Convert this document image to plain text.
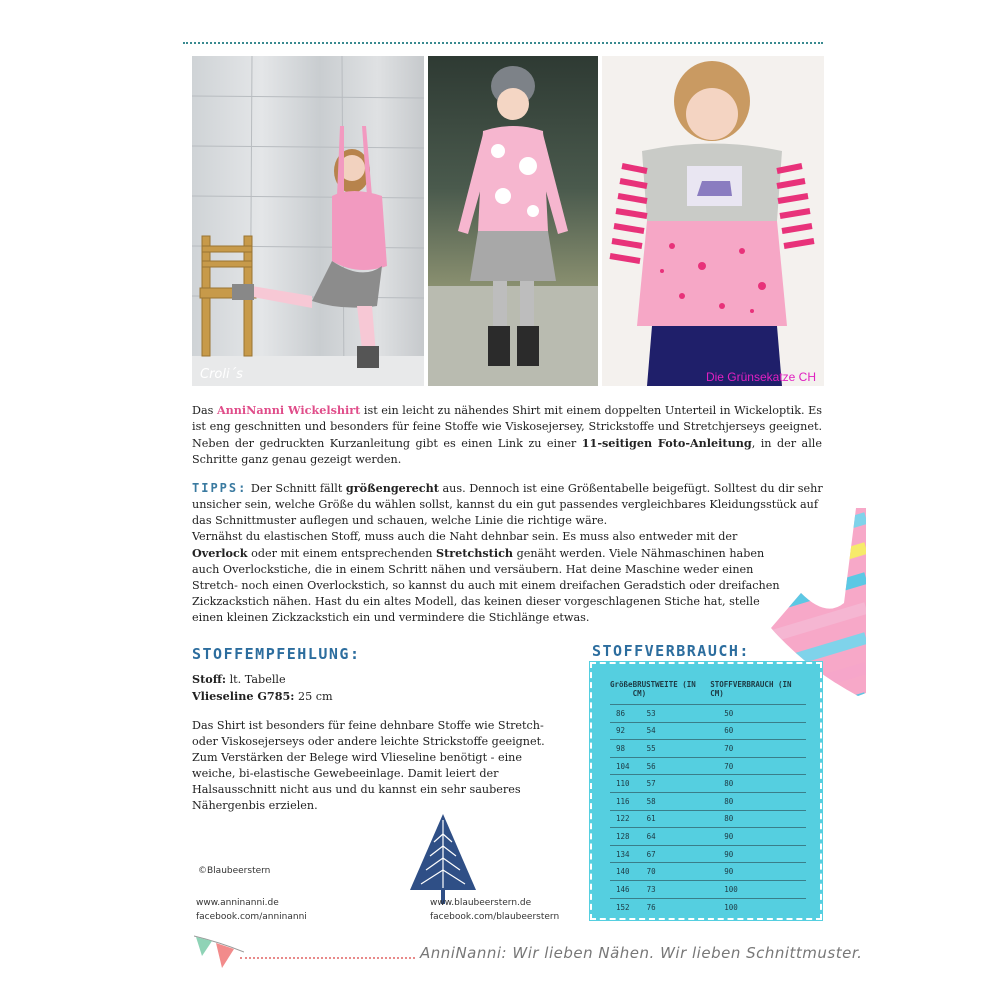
Croli´s	Die Grünsekatze CH
Das AnniNanni Wickelshirt ist ein leicht zu nähendes Shirt mit einem doppelten Unterteil in Wickeloptik. Es ist eng geschnitten und besonders für feine Stoffe wie Viskosejersey, Strickstoffe und Stretchjerseys geeignet. Neben der gedruckten Kurzanleitung gibt es einen Link zu einer 11-seitigen Foto-Anleitung, in der alle Schritte ganz genau gezeigt werden.

TIPPS: Der Schnitt fällt größengerecht aus. Dennoch ist eine Größentabelle beigefügt. Solltest du dir sehr unsicher sein, welche Größe du wählen sollst, kannst du ein gut passendes vergleichbares Kleidungsstück auf das Schnittmuster auflegen und schauen, welche Linie die richtige wäre.

Vernähst du elastischen Stoff, muss auch die Naht dehnbar sein. Es muss also entweder mit der Overlock oder mit einem entsprechenden Stretchstich genäht werden. Viele Nähmaschinen haben auch Overlockstiche, die in einem Schritt nähen und versäubern. Hat deine Maschine weder einen Stretch- noch einen Overlockstich, so kannst du auch mit einem dreifachen Geradstich oder dreifachen Zickzackstich nähen. Hast du ein altes Modell, das keinen dieser vorgeschlagenen Stiche hat, stelle einen kleinen Zickzackstich ein und vermindere die Stichlänge etwas.

STOFFEMPFEHLUNG:
Stoff: lt. Tabelle
Vlieseline G785: 25 cm
Das Shirt ist besonders für feine dehnbare Stoffe wie Stretch- oder Viskosejerseys oder andere leichte Strickstoffe geeignet. Zum Verstärken der Belege wird Vlieseline benötigt - eine weiche, bi-elastische Gewebeeinlage. Damit leiert der Halsausschnitt nicht aus und du kannst ein sehr sauberes Nähergenbis erzielen.
STOFFVERBRAUCH:
Größe	BRUSTWEITE (IN CM)	STOFFVERBRAUCH (IN CM)
86	53	50
92	54	60
98	55	70
104	56	70
110	57	80
116	58	80
122	61	80
128	64	90
134	67	90
140	70	90
146	73	100
152	76	100
©Blaubeerstern
www.anninanni.de
facebook.com/anninanni
www.blaubeerstern.de
facebook.com/blaubeerstern
AnniNanni: Wir lieben Nähen. Wir lieben Schnittmuster.
